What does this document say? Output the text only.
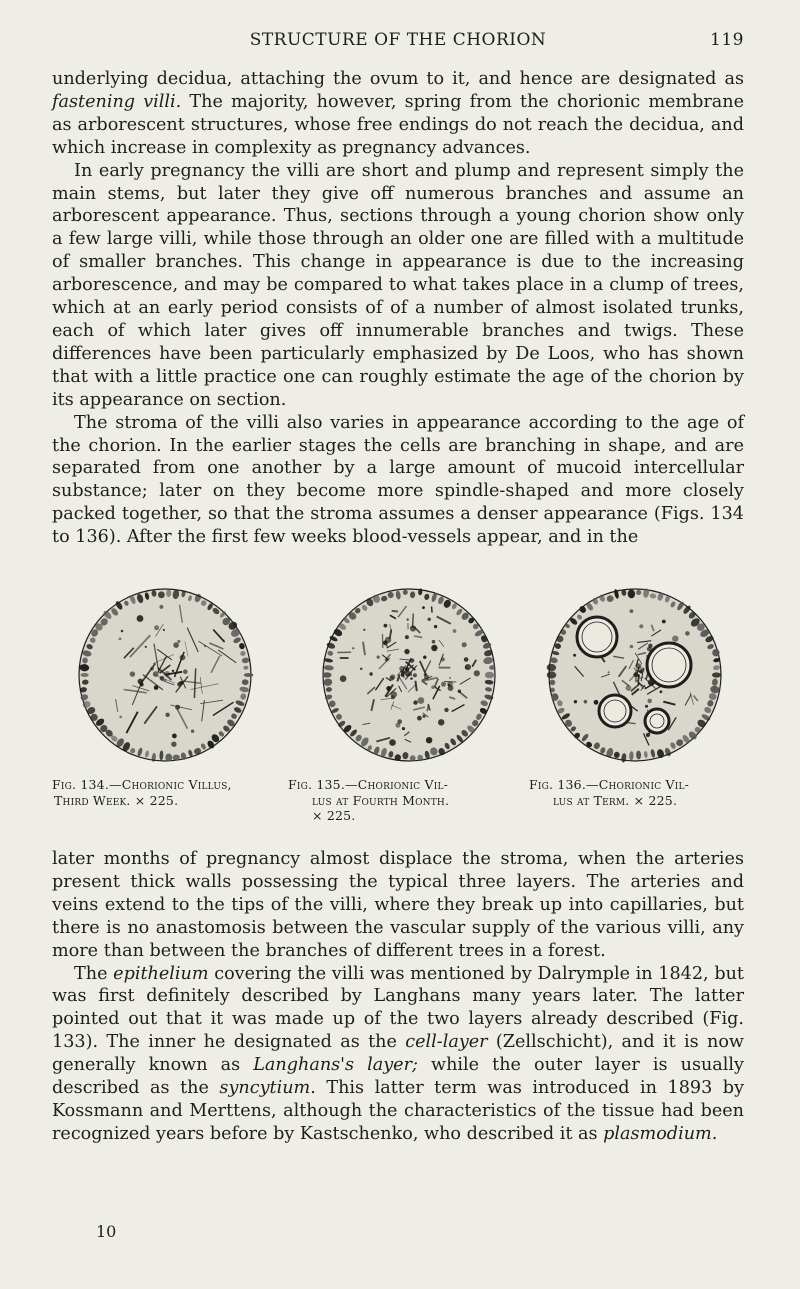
STRUCTURE OF THE CHORION	119

underlying decidua, attaching the ovum to it, and hence are designated as fastening villi. The majority, however, spring from the chorionic membrane as arborescent structures, whose free endings do not reach the decidua, and which increase in complexity as pregnancy advances.

In early pregnancy the villi are short and plump and represent simply the main stems, but later they give off numerous branches and assume an arborescent appearance. Thus, sections through a young chorion show only a few large villi, while those through an older one are filled with a multitude of smaller branches. This change in appearance is due to the increasing arborescence, and may be compared to what takes place in a clump of trees, which at an early period consists of of a number of almost isolated trunks, each of which later gives off innumerable branches and twigs. These differences have been particularly emphasized by De Loos, who has shown that with a little practice one can roughly estimate the age of the chorion by its appearance on section.

The stroma of the villi also varies in appearance according to the age of the chorion. In the earlier stages the cells are branching in shape, and are separated from one another by a large amount of mucoid intercellular substance; later on they become more spindle-shaped and more closely packed together, so that the stroma assumes a denser appearance (Figs. 134 to 136). After the first few weeks blood-vessels appear, and in the

Fig. 134.—Chorionic Villus,
Third Week. × 225.
Fig. 135.—Chorionic Vil-
lus at Fourth Month.
× 225.
Fig. 136.—Chorionic Vil-
lus at Term. × 225.

later months of pregnancy almost displace the stroma, when the arteries present thick walls possessing the typical three layers. The arteries and veins extend to the tips of the villi, where they break up into capillaries, but there is no anastomosis between the vascular supply of the various villi, any more than between the branches of different trees in a forest.

The epithelium covering the villi was mentioned by Dalrymple in 1842, but was first definitely described by Langhans many years later. The latter pointed out that it was made up of the two layers already described (Fig. 133). The inner he designated as the cell-layer (Zellschicht), and it is now generally known as Langhans's layer; while the outer layer is usually described as the syncytium. This latter term was introduced in 1893 by Kossmann and Merttens, although the characteristics of the tissue had been recognized years before by Kastschenko, who described it as plasmodium.

10
